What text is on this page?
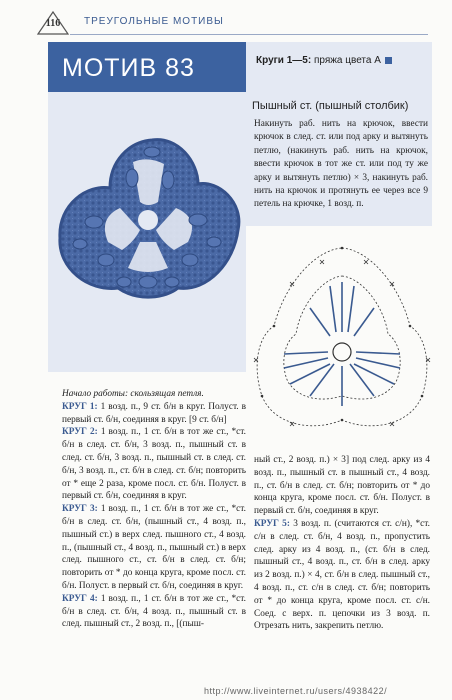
116	ТРЕУГОЛЬНЫЕ МОТИВЫ
МОТИВ 83	Круги 1—5: пряжа цвета А
Пышный ст. (пышный столбик)
Накинуть раб. нить на крючок, ввести крючок в след. ст. или под арку и вытянуть петлю, (накинуть раб. нить на крючок, ввести крючок в тот же ст. или под ту же арку и вытянуть петлю) × 3, накинуть раб. нить на крючок и протянуть ее через все 9 петель на крючке, 1 возд. п.

Начало работы: скользящая петля.

КРУГ 1: 1 возд. п., 9 ст. б/н в круг. Полуст. в первый ст. б/н, соединяя в круг. [9 ст. б/н]

КРУГ 2: 1 возд. п., 1 ст. б/н в тот же ст., *ст. б/н в след. ст. б/н, 3 возд. п., пышный ст. в след. ст. б/н, 3 возд. п., пышный ст. в след. ст. б/н, 3 возд. п., ст. б/н в след. ст. б/н; повторить от * еще 2 раза, кроме посл. ст. б/н. Полуст. в первый ст. б/н, соединяя в круг.

КРУГ 3: 1 возд. п., 1 ст. б/н в тот же ст., *ст. б/н в след. ст. б/н, (пышный ст., 4 возд. п., пышный ст.) в верх след. пышного ст., 4 возд. п., (пышный ст., 4 возд. п., пышный ст.) в верх след. пышного ст., ст. б/н в след. ст. б/н; повторить от * до конца круга, кроме посл. ст. б/н. Полуст. в первый ст. б/н, соединяя в круг.

КРУГ 4: 1 возд. п., 1 ст. б/н в тот же ст., *ст. б/н в след. ст. б/н, 4 возд. п., пышный ст. в след. пышный ст., 2 возд. п., [(пыш-

ный ст., 2 возд. п.) × 3] под след. арку из 4 возд. п., пышный ст. в пышный ст., 4 возд. п., ст. б/н в след. ст. б/н; повторить от * до конца круга, кроме посл. ст. б/н. Полуст. в первый ст. б/н, соединяя в круг.

КРУГ 5: 3 возд. п. (считаются ст. с/н), *ст. с/н в след. ст. б/н, 4 возд. п., пропустить след. арку из 4 возд. п., (ст. б/н в след. пышный ст., 4 возд. п., ст. б/н в след. арку из 2 возд. п.) × 4, ст. б/н в след. пышный ст., 4 возд. п., ст. с/н в след. ст. б/н; повторить от * до конца круга, кроме посл. ст. с/н. Соед. с верх. п. цепочки из 3 возд. п. Отрезать нить, закрепить петлю.

http://www.liveinternet.ru/users/4938422/
